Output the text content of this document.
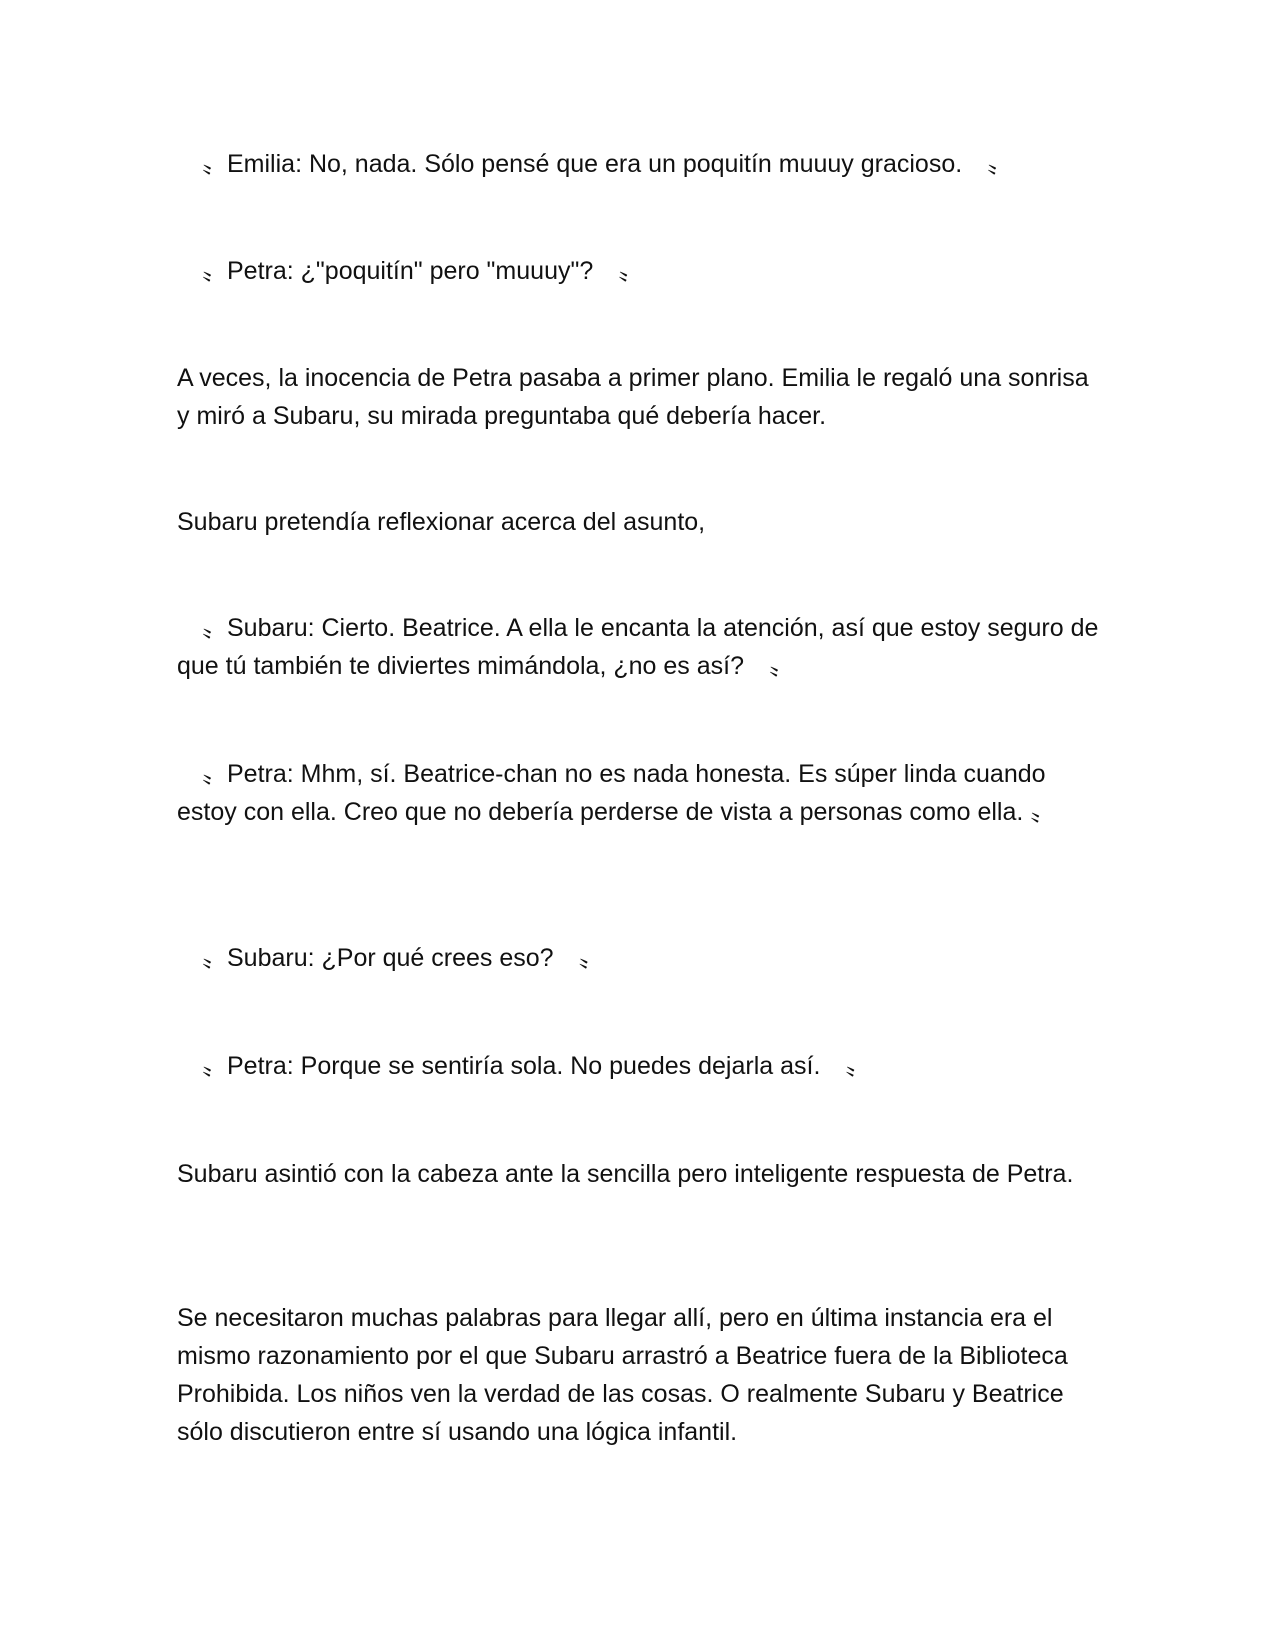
　〟Emilia: No, nada. Sólo pensé que era un poquitín muuuy gracioso.　〟

　〟Petra: ¿"poquitín" pero "muuuy"?　〟

A veces, la inocencia de Petra pasaba a primer plano. Emilia le regaló una sonrisa y miró a Subaru, su mirada preguntaba qué debería hacer.

Subaru pretendía reflexionar acerca del asunto,

　〟Subaru: Cierto. Beatrice. A ella le encanta la atención, así que estoy seguro de que tú también te diviertes mimándola, ¿no es así?　〟

　〟Petra: Mhm, sí. Beatrice-chan no es nada honesta. Es súper linda cuando estoy con ella. Creo que no debería perderse de vista a personas como ella. 〟

　〟Subaru: ¿Por qué crees eso?　〟

　〟Petra: Porque se sentiría sola. No puedes dejarla así.　〟

Subaru asintió con la cabeza ante la sencilla pero inteligente respuesta de Petra.

Se necesitaron muchas palabras para llegar allí, pero en última instancia era el mismo razonamiento por el que Subaru arrastró a Beatrice fuera de la Biblioteca Prohibida. Los niños ven la verdad de las cosas. O realmente Subaru y Beatrice sólo discutieron entre sí usando una lógica infantil.
